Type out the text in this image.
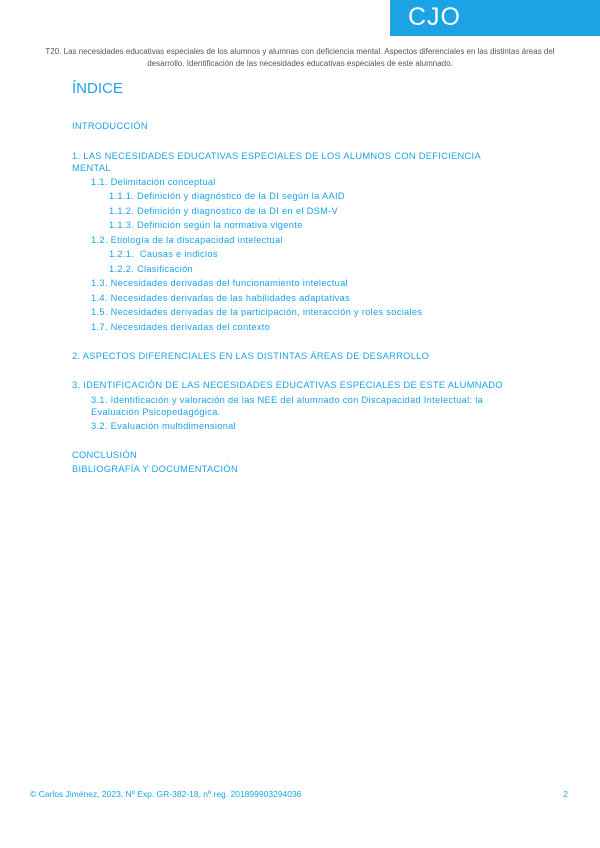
CJO
T20. Las necesidades educativas especiales de los alumnos y alumnas con deficiencia mental. Aspectos diferenciales en las distintas áreas del
desarrollo. Identificación de las necesidades educativas especiales de este alumnado.
ÍNDICE
INTRODUCCIÓN
1. LAS NECESIDADES EDUCATIVAS ESPECIALES DE LOS ALUMNOS CON DEFICIENCIA MENTAL
1.1. Delimitación conceptual
1.1.1. Definición y diagnóstico de la DI según la AAID
1.1.2. Definición y diagnóstico de la DI en el DSM-V
1.1.3. Definición según la normativa vigente
1.2. Etiología de la discapacidad intelectual
1.2.1.  Causas e indicios
1.2.2. Clasificación
1.3. Necesidades derivadas del funcionamiento intelectual
1.4. Necesidades derivadas de las habilidades adaptativas
1.5. Necesidades derivadas de la participación, interacción y roles sociales
1.7. Necesidades derivadas del contexto
2. ASPECTOS DIFERENCIALES EN LAS DISTINTAS ÁREAS DE DESARROLLO
3. IDENTIFICACIÓN DE LAS NECESIDADES EDUCATIVAS ESPECIALES DE ESTE ALUMNADO
3.1. Identificación y valoración de las NEE del alumnado con Discapacidad Intelectual: la Evaluación Psicopedagógica.
3.2. Evaluación multidimensional
CONCLUSIÓN
BIBLIOGRAFÍA Y DOCUMENTACIÓN
© Carlos Jiménez, 2023. Nº Exp. GR-382-18, nº reg. 201899903294036	2
